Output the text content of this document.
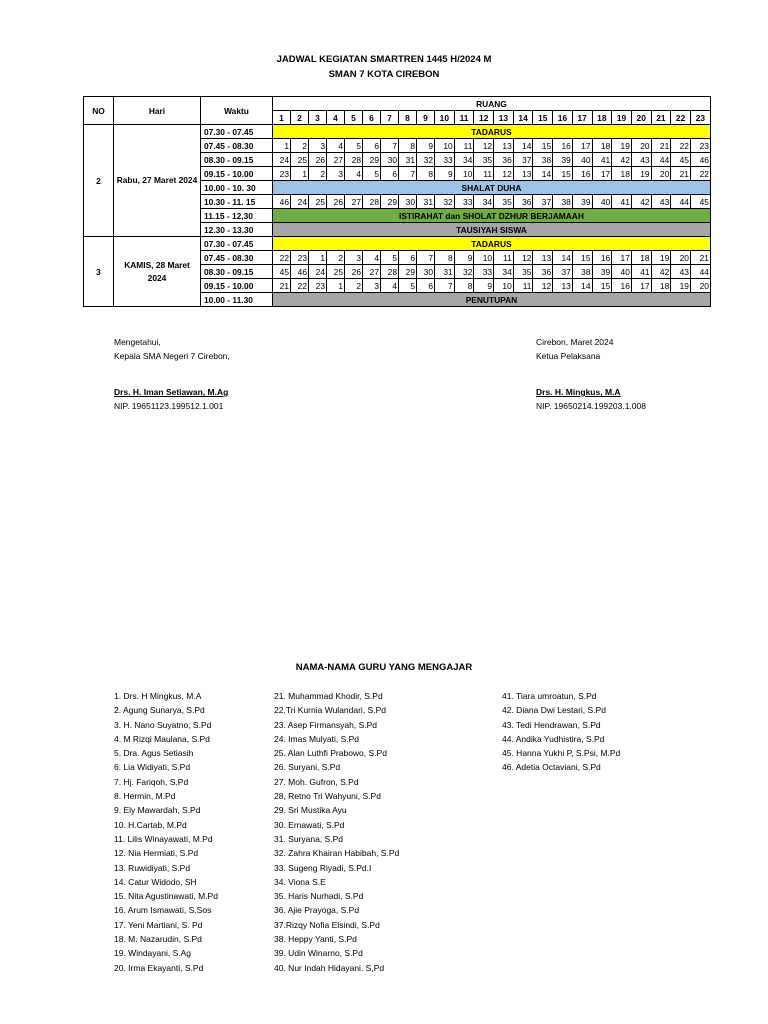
JADWAL KEGIATAN SMARTREN 1445 H/2024 M
SMAN 7 KOTA CIREBON
NO	Hari	Waktu	RUANG																						
			1	2	3	4	5	6	7	8	9	10	11	12	13	14	15	16	17	18	19	20	21	22	23
2	Rabu, 27 Maret 2024	07.30 - 07.45	TADARUS																						
		07.45 - 08.30	1	2	3	4	5	6	7	8	9	10	11	12	13	14	15	16	17	18	19	20	21	22	23
		08.30 - 09.15	24	25	26	27	28	29	30	31	32	33	34	35	36	37	38	39	40	41	42	43	44	45	46
		09.15 - 10.00	23	1	2	3	4	5	6	7	8	9	10	11	12	13	14	15	16	17	18	19	20	21	22
		10.00 - 10. 30	SHALAT DUHA																						
		10.30 - 11. 15	46	24	25	26	27	28	29	30	31	32	33	34	35	36	37	38	39	40	41	42	43	44	45
		11.15 - 12,30	ISTIRAHAT dan SHOLAT DZHUR BERJAMAAH																						
		12.30 - 13.30	TAUSIYAH SISWA																						
3	KAMIS, 28 Maret 2024	07.30 - 07.45	TADARUS																						
		07.45 - 08.30	22	23	1	2	3	4	5	6	7	8	9	10	11	12	13	14	15	16	17	18	19	20	21
		08.30 - 09.15	45	46	24	25	26	27	28	29	30	31	32	33	34	35	36	37	38	39	40	41	42	43	44
		09.15 - 10.00	21	22	23	1	2	3	4	5	6	7	8	9	10	11	12	13	14	15	16	17	18	19	20
		10.00 - 11.30	PENUTUPAN																						
Mengetahui,
Kepala SMA Negeri 7 Cirebon,
Drs. H. Iman Setiawan, M.Ag
NIP. 19651123.199512.1.001
Cirebon, Maret 2024
Ketua Pelaksana
Drs. H. Mingkus, M.A
NIP. 19650214.199203.1.008
NAMA-NAMA GURU YANG MENGAJAR
1. Drs. H Mingkus, M.A
2. Agung Sunarya, S.Pd
3. H. Nano Suyatno, S.Pd
4. M Rizqi Maulana, S.Pd
5. Dra. Agus Setiasih
6. Lia Widiyati, S.Pd
7. Hj. Fariqoh, S.Pd
8. Hermin, M.Pd
9. Ely Mawardah, S.Pd
10. H.Cartab, M.Pd
11. Lilis Winayawati, M.Pd
12. Nia Hermiati, S.Pd
13. Ruwidiyati, S.Pd
14. Catur Widodo, SH
15. Nita Agustinawati, M.Pd
16. Arum Ismawati, S.Sos
17. Yeni Martiani, S. Pd
18. M. Nazarudin, S.Pd
19. Windayani, S.Ag
20. Irma Ekayanti, S.Pd
21. Muhammad Khodir, S.Pd
22.Tri Kurnia Wulandari, S.Pd
23. Asep Firmansyah, S.Pd
24. Imas Mulyati, S.Pd
25. Alan Luthfi Prabowo, S.Pd
26. Suryani, S.Pd
27. Moh. Gufron, S.Pd
28, Retno Tri Wahyuni, S.Pd
29. Sri Mustika Ayu
30. Ernawati, S.Pd
31. Suryana, S.Pd
32. Zahra Khairan Habibah, S.Pd
33. Sugeng Riyadi, S.Pd.I
34. Viona S.E
35. Haris Nurhadi, S.Pd
36. Ajie Prayoga, S.Pd
37.Rizqy Nofia Elsindi, S.Pd
38. Heppy Yanti, S.Pd
39. Udin Winarno, S.Pd
40. Nur Indah Hidayani. S,Pd
41. Tiara umroatun, S.Pd
42. Diana Dwi Lestari, S.Pd
43. Tedi Hendrawan, S.Pd
44. Andika Yudhistira, S.Pd
45. Hanna Yukhi P, S.Psi, M.Pd
46. Adetia Octaviani, S.Pd
